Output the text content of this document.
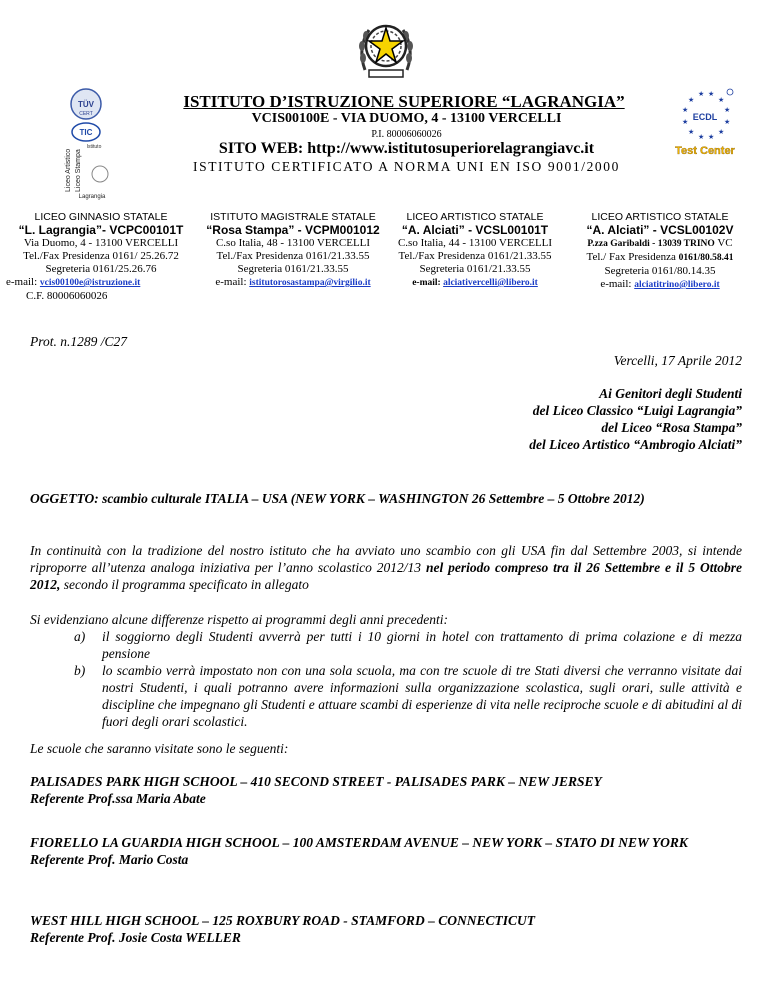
TÜV
CERT
TIC
Istituto
Liceo Artistico Liceo Stampa
Lagrangia
★ ★
★	★
★	★
★	★
★	★
★ ★
ECDL
Test Center
ISTITUTO D’ISTRUZIONE SUPERIORE “LAGRANGIA”
VCIS00100E - VIA DUOMO, 4 - 13100 VERCELLI
P.I. 80006060026
SITO WEB: http://www.istitutosuperiorelagrangiavc.it
ISTITUTO CERTIFICATO A NORMA UNI EN ISO 9001/2000
LICEO GINNASIO STATALE
“L. Lagrangia”- VCPC00101T
Via Duomo, 4 - 13100 VERCELLI
Tel./Fax Presidenza 0161/ 25.26.72
Segreteria 0161/25.26.76
e-mail: vcis00100e@istruzione.it
C.F. 80006060026
ISTITUTO MAGISTRALE STATALE
“Rosa Stampa” - VCPM001012
C.so Italia, 48 - 13100 VERCELLI
Tel./Fax Presidenza 0161/21.33.55
Segreteria 0161/21.33.55
e-mail: istitutorosastampa@virgilio.it
LICEO ARTISTICO STATALE
“A. Alciati” - VCSL00101T
C.so Italia, 44 - 13100 VERCELLI
Tel./Fax Presidenza 0161/21.33.55
Segreteria 0161/21.33.55
e-mail: alciativercelli@libero.it
LICEO ARTISTICO STATALE
“A. Alciati” - VCSL00102V
P.zza Garibaldi - 13039 TRINO VC
Tel./ Fax Presidenza 0161/80.58.41
Segreteria 0161/80.14.35
e-mail: alciatitrino@libero.it
Prot. n.1289 /C27
Vercelli, 17 Aprile 2012
Ai Genitori degli Studenti
del Liceo Classico “Luigi Lagrangia”
del Liceo “Rosa Stampa”
del Liceo Artistico “Ambrogio Alciati”
OGGETTO: scambio culturale ITALIA – USA (NEW YORK – WASHINGTON 26 Settembre – 5 Ottobre 2012)
In continuità con la tradizione del nostro istituto che ha avviato uno scambio con gli USA fin dal Settembre 2003, si intende riproporre all’utenza analoga iniziativa per l’anno scolastico 2012/13 nel periodo compreso tra il 26 Settembre e il 5 Ottobre 2012, secondo il programma specificato in allegato
Si evidenziano alcune differenze rispetto ai programmi degli anni precedenti:
a) il soggiorno degli Studenti avverrà per tutti i 10 giorni in hotel con trattamento di prima colazione e di mezza pensione
b) lo scambio verrà impostato non con una sola scuola, ma con tre scuole di tre Stati diversi che verranno visitate dai nostri Studenti, i quali potranno avere informazioni sulla organizzazione scolastica, sugli orari, sulle attività e discipline che impegnano gli Studenti e attuare scambi di esperienze di vita nelle reciproche scuole e di abitudini al di fuori degli orari scolastici.
Le scuole che saranno visitate sono le seguenti:
PALISADES PARK HIGH SCHOOL – 410 SECOND STREET - PALISADES PARK – NEW JERSEY
Referente Prof.ssa Maria Abate
FIORELLO LA GUARDIA HIGH SCHOOL – 100 AMSTERDAM AVENUE – NEW YORK – STATO DI NEW YORK
Referente Prof. Mario Costa
WEST HILL HIGH SCHOOL – 125 ROXBURY ROAD - STAMFORD – CONNECTICUT
Referente Prof. Josie Costa WELLER
